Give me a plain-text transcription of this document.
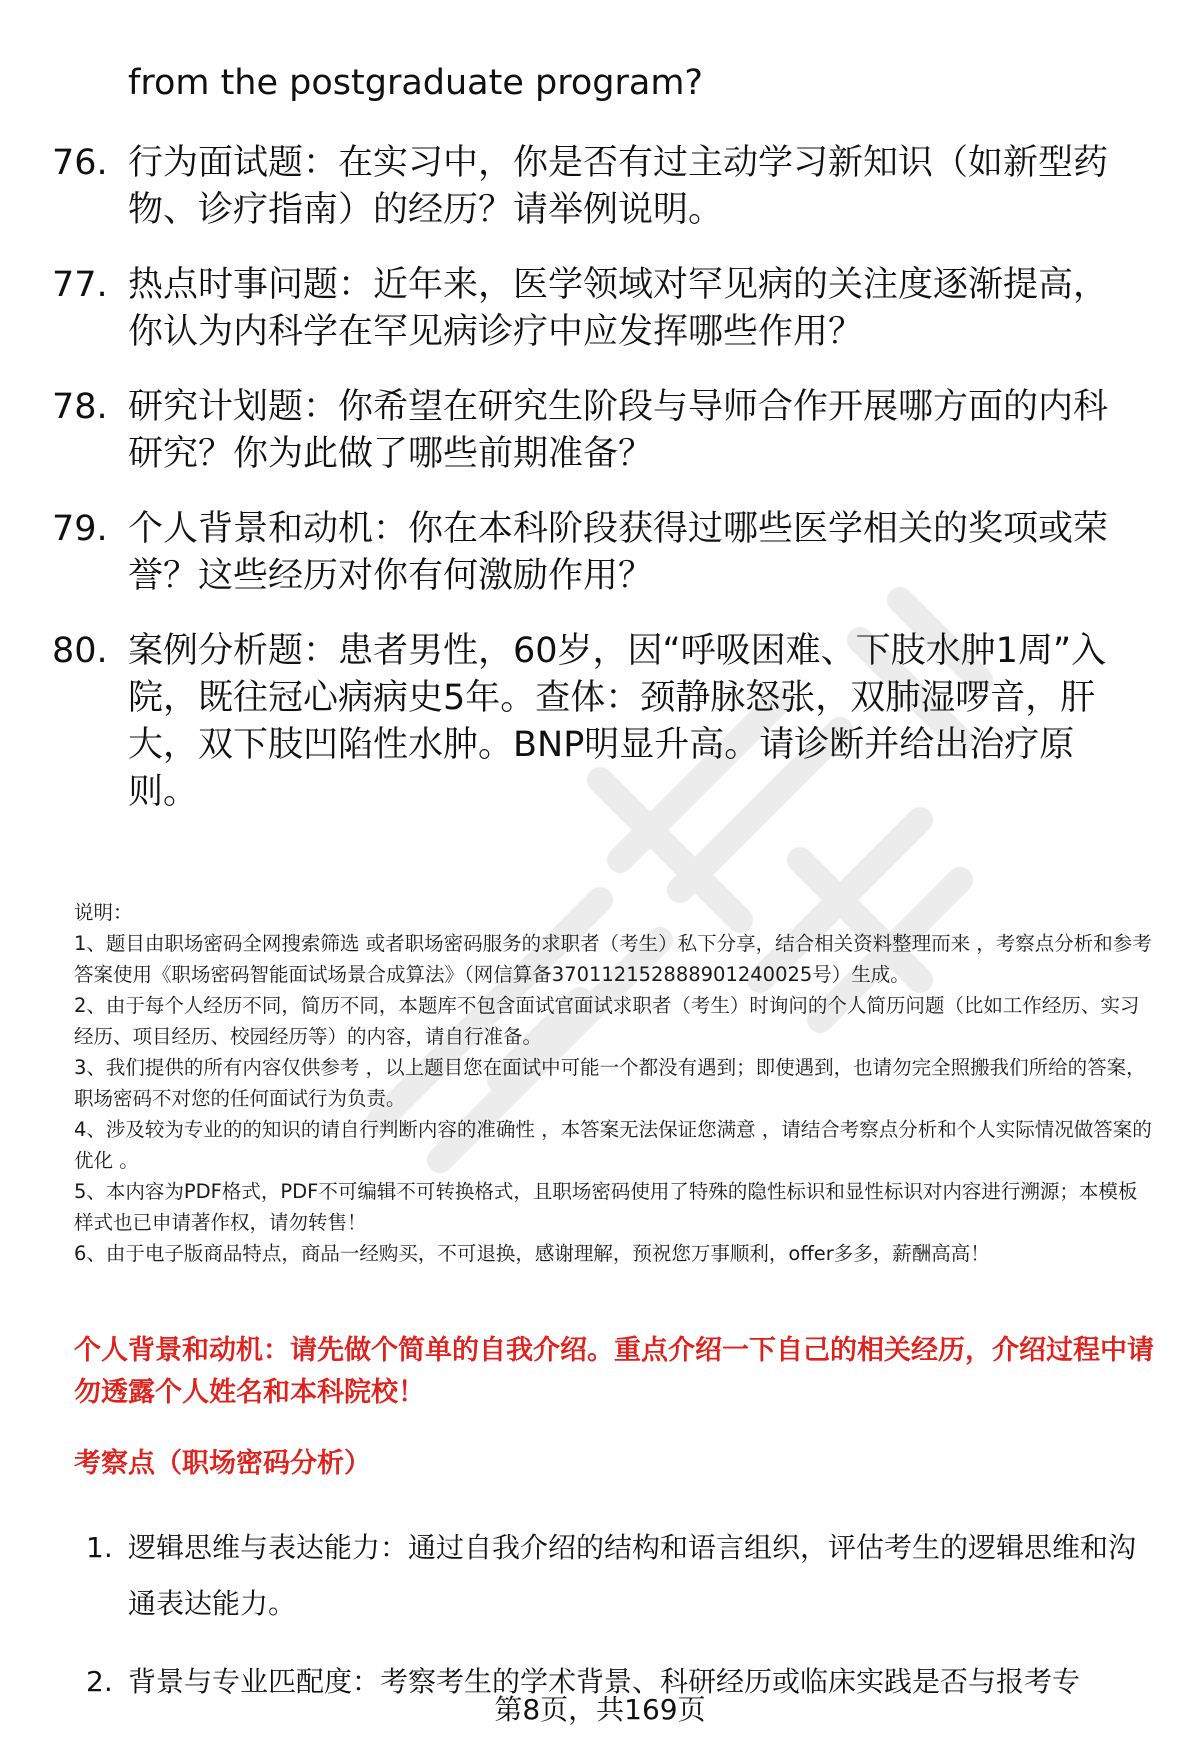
from the postgraduate program?

76. 行为面试题：在实习中，你是否有过主动学习新知识（如新型药物、诊疗指南）的经历？请举例说明。
77. 热点时事问题：近年来，医学领域对罕见病的关注度逐渐提高，你认为内科学在罕见病诊疗中应发挥哪些作用？
78. 研究计划题：你希望在研究生阶段与导师合作开展哪方面的内科研究？你为此做了哪些前期准备？
79. 个人背景和动机：你在本科阶段获得过哪些医学相关的奖项或荣誉？这些经历对你有何激励作用？
80. 案例分析题：患者男性，60岁，因“呼吸困难、下肢水肿1周”入院，既往冠心病病史5年。查体：颈静脉怒张，双肺湿啰音，肝大，双下肢凹陷性水肿。BNP明显升高。请诊断并给出治疗原则。

说明：

1、题目由职场密码全网搜索筛选 或者职场密码服务的求职者（考生）私下分享，结合相关资料整理而来 ，考察点分析和参考答案使用《职场密码智能面试场景合成算法》（网信算备370112152888901240025号）生成。

2、由于每个人经历不同，简历不同，本题库不包含面试官面试求职者（考生）时询问的个人简历问题（比如工作经历、实习经历、项目经历、校园经历等）的内容，请自行准备。

3、我们提供的所有内容仅供参考 ，以上题目您在面试中可能一个都没有遇到；即使遇到，也请勿完全照搬我们所给的答案，职场密码不对您的任何面试行为负责。

4、涉及较为专业的的知识的请自行判断内容的准确性 ，本答案无法保证您满意 ，请结合考察点分析和个人实际情况做答案的优化 。

5、本内容为PDF格式，PDF不可编辑不可转换格式，且职场密码使用了特殊的隐性标识和显性标识对内容进行溯源；本模板样式也已申请著作权，请勿转售！

6、由于电子版商品特点，商品一经购买，不可退换，感谢理解，预祝您万事顺利，offer多多，薪酬高高！

个人背景和动机：请先做个简单的自我介绍。重点介绍一下自己的相关经历，介绍过程中请勿透露个人姓名和本科院校！

考察点（职场密码分析）

1. 逻辑思维与表达能力：通过自我介绍的结构和语言组织，评估考生的逻辑思维和沟通表达能力。
2. 背景与专业匹配度：考察考生的学术背景、科研经历或临床实践是否与报考专
第8页，共169页
